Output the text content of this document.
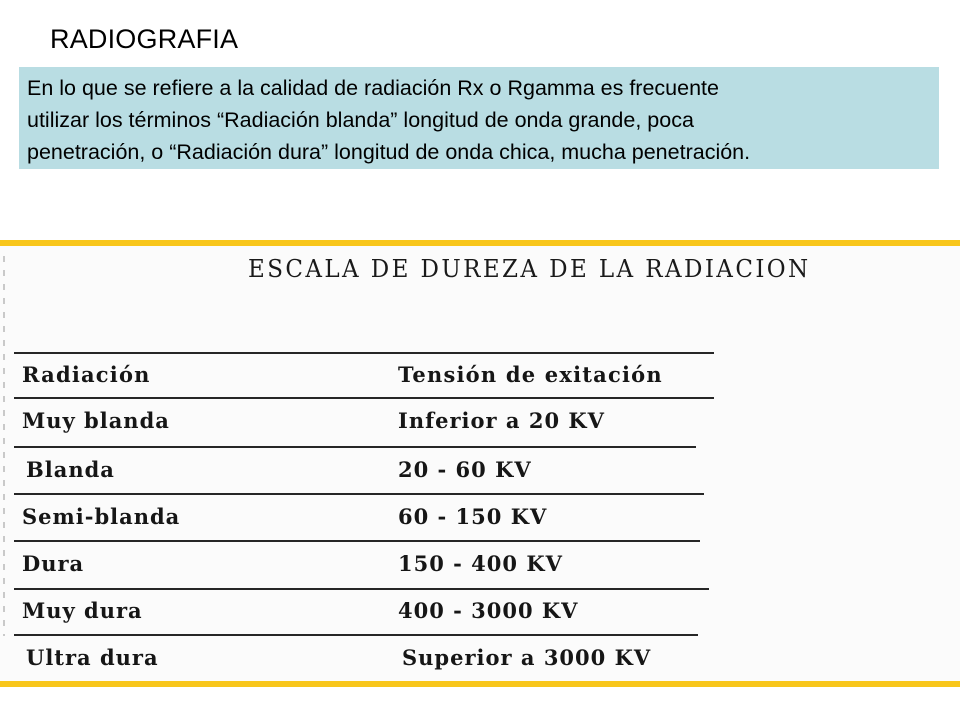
RADIOGRAFIA
En lo que se refiere a la calidad de radiación Rx o Rgamma es frecuente
utilizar los términos “Radiación blanda” longitud de onda grande, poca
penetración, o “Radiación dura” longitud de onda chica, mucha penetración.
ESCALA DE DUREZA DE LA RADIACION
Radiación	Tensión de exitación
Muy blanda	Inferior a 20 KV
Blanda	20 - 60 KV
Semi-blanda	60 - 150 KV
Dura	150 - 400 KV
Muy dura	400 - 3000 KV
Ultra dura	Superior a 3000 KV
